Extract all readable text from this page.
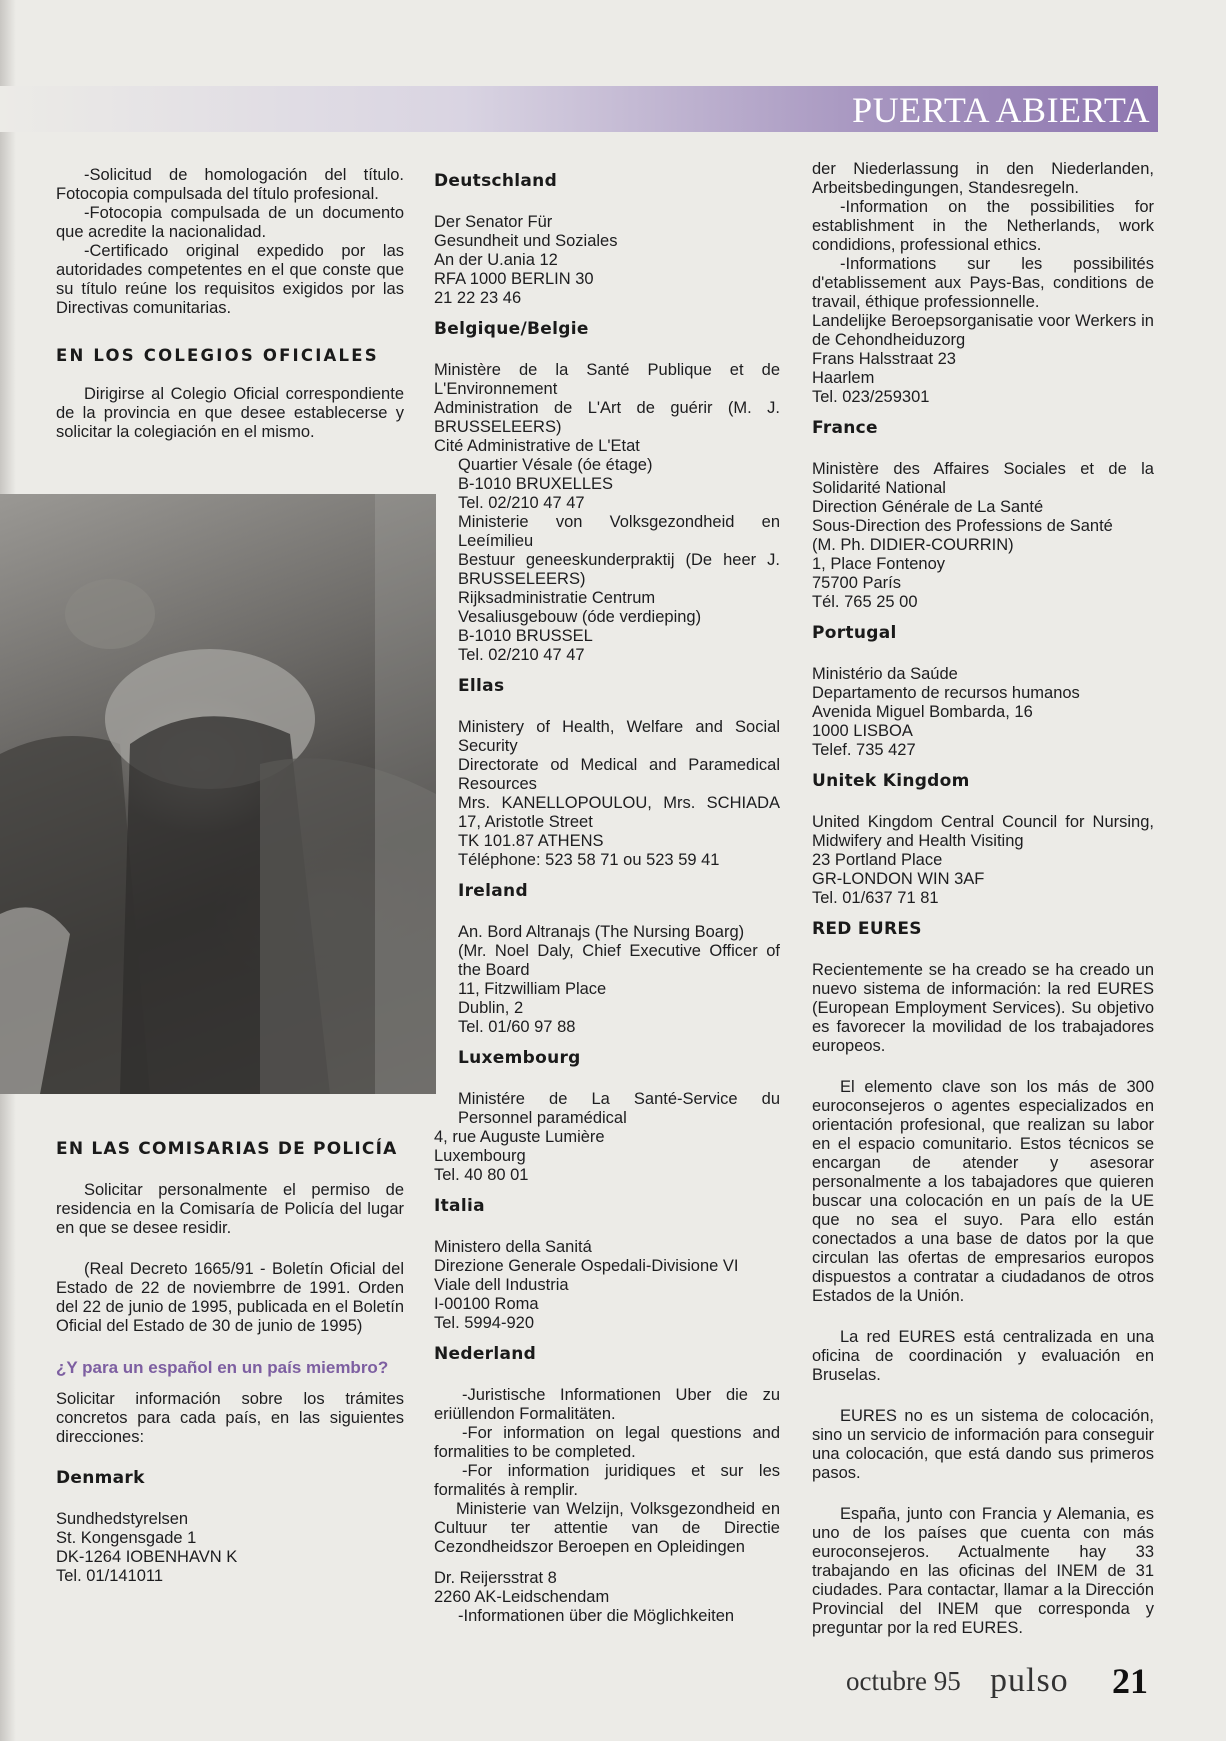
PUERTA ABIERTA
-Solicitud de homologación del título. Fotocopia compulsada del título profesional.
-Fotocopia compulsada de un documento que acredite la nacionalidad.
-Certificado original expedido por las autoridades competentes en el que conste que su título reúne los requisitos exigidos por las Directivas comunitarias.
EN LOS COLEGIOS OFICIALES
Dirigirse al Colegio Oficial correspondiente de la provincia en que desee establecerse y solicitar la colegiación en el mismo.
EN LAS COMISARIAS DE POLICÍA
Solicitar personalmente el permiso de residencia en la Comisaría de Policía del lugar en que se desee residir.
(Real Decreto 1665/91 - Boletín Oficial del Estado de 22 de noviembrre de 1991. Orden del 22 de junio de 1995, publicada en el Boletín Oficial del Estado de 30 de junio de 1995)
¿Y para un español en un país miembro?
Solicitar información sobre los trámites concretos para cada país, en las siguientes direcciones:
Denmark
Sundhedstyrelsen
St. Kongensgade 1
DK-1264 IOBENHAVN K
Tel. 01/141011
Deutschland
Der Senator Für
Gesundheit und Soziales
An der U.ania 12
RFA 1000 BERLIN 30
21 22 23 46
Belgique/Belgie
Ministère de la Santé Publique et de L'Environnement
Administration de L'Art de guérir (M. J. BRUSSELEERS)
Cité Administrative de L'Etat
Quartier Vésale (óe étage)
B-1010 BRUXELLES
Tel. 02/210 47 47
Ministerie von Volksgezondheid en Leeímilieu
Bestuur geneeskunderpraktij (De heer J. BRUSSELEERS)
Rijksadministratie Centrum
Vesaliusgebouw (óde verdieping)
B-1010 BRUSSEL
Tel. 02/210 47 47
Ellas
Ministery of Health, Welfare and Social Security
Directorate od Medical and Paramedical Resources
Mrs. KANELLOPOULOU, Mrs. SCHIADA 17, Aristotle Street
TK 101.87 ATHENS
Téléphone: 523 58 71 ou 523 59 41
Ireland
An. Bord Altranajs (The Nursing Boarg)
(Mr. Noel Daly, Chief Executive Officer of the Board
11, Fitzwilliam Place
Dublin, 2
Tel. 01/60 97 88
Luxembourg
Ministére de La Santé-Service du Personnel paramédical
4, rue Auguste Lumière
Luxembourg
Tel. 40 80 01
Italia
Ministero della Sanitá
Direzione Generale Ospedali-Divisione VI
Viale dell Industria
I-00100 Roma
Tel. 5994-920
Nederland
-Juristische Informationen Uber die zu eriüllendon Formalitäten.
-For information on legal questions and formalities to be completed.
-For information juridiques et sur les formalités à remplir.
Ministerie van Welzijn, Volksgezondheid en Cultuur ter attentie van de Directie Cezondheidszor Beroepen en Opleidingen
Dr. Reijersstrat 8
2260 AK-Leidschendam
-Informationen über die Möglichkeiten
der Niederlassung in den Niederlanden, Arbeitsbedingungen, Standesregeln.
-Information on the possibilities for establishment in the Netherlands, work condidions, professional ethics.
-Informations sur les possibilités d'etablissement aux Pays-Bas, conditions de travail, éthique professionnelle.
Landelijke Beroepsorganisatie voor Werkers in de Cehondheiduzorg
Frans Halsstraat 23
Haarlem
Tel. 023/259301
France
Ministère des Affaires Sociales et de la Solidarité National
Direction Générale de La Santé
Sous-Direction des Professions de Santé
(M. Ph. DIDIER-COURRIN)
1, Place Fontenoy
75700 París
Tél. 765 25 00
Portugal
Ministério da Saúde
Departamento de recursos humanos
Avenida Miguel Bombarda, 16
1000 LISBOA
Telef. 735 427
Unitek Kingdom
United Kingdom Central Council for Nursing, Midwifery and Health Visiting
23 Portland Place
GR-LONDON WIN 3AF
Tel. 01/637 71 81
RED EURES
Recientemente se ha creado se ha creado un nuevo sistema de información: la red EURES (European Employment Services). Su objetivo es favorecer la movilidad de los trabajadores europeos.
El elemento clave son los más de 300 euroconsejeros o agentes especializados en orientación profesional, que realizan su labor en el espacio comunitario. Estos técnicos se encargan de atender y asesorar personalmente a los tabajadores que quieren buscar una colocación en un país de la UE que no sea el suyo. Para ello están conectados a una base de datos por la que circulan las ofertas de empresarios europos dispuestos a contratar a ciudadanos de otros Estados de la Unión.
La red EURES está centralizada en una oficina de coordinación y evaluación en Bruselas.
EURES no es un sistema de colocación, sino un servicio de información para conseguir una colocación, que está dando sus primeros pasos.
España, junto con Francia y Alemania, es uno de los países que cuenta con más euroconsejeros. Actualmente hay 33 trabajando en las oficinas del INEM de 31 ciudades. Para contactar, llamar a la Dirección Provincial del INEM que corresponda y preguntar por la red EURES.
octubre 95 pulso 21
